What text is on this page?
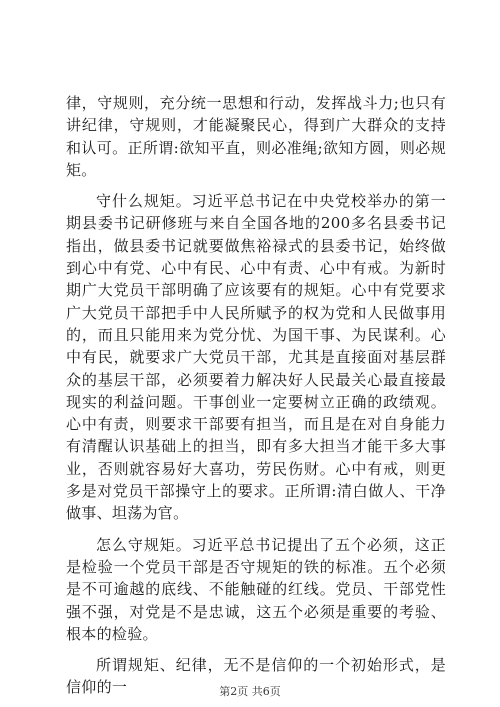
律，守规则，充分统一思想和行动，发挥战斗力;也只有讲纪律，守规则，才能凝聚民心，得到广大群众的支持和认可。正所谓:欲知平直，则必准绳;欲知方圆，则必规矩。

守什么规矩。习近平总书记在中央党校举办的第一期县委书记研修班与来自全国各地的200多名县委书记指出，做县委书记就要做焦裕禄式的县委书记，始终做到心中有党、心中有民、心中有责、心中有戒。为新时期广大党员干部明确了应该要有的规矩。心中有党要求广大党员干部把手中人民所赋予的权为党和人民做事用的，而且只能用来为党分忧、为国干事、为民谋利。心中有民，就要求广大党员干部，尤其是直接面对基层群众的基层干部，必须要着力解决好人民最关心最直接最现实的利益问题。干事创业一定要树立正确的政绩观。心中有责，则要求干部要有担当，而且是在对自身能力有清醒认识基础上的担当，即有多大担当才能干多大事业，否则就容易好大喜功，劳民伤财。心中有戒，则更多是对党员干部操守上的要求。正所谓:清白做人、干净做事、坦荡为官。

怎么守规矩。习近平总书记提出了五个必须，这正是检验一个党员干部是否守规矩的铁的标准。五个必须是不可逾越的底线、不能触碰的红线。党员、干部党性强不强，对党是不是忠诚，这五个必须是重要的考验、根本的检验。

所谓规矩、纪律，无不是信仰的一个初始形式，是信仰的一	第2页 共6页
